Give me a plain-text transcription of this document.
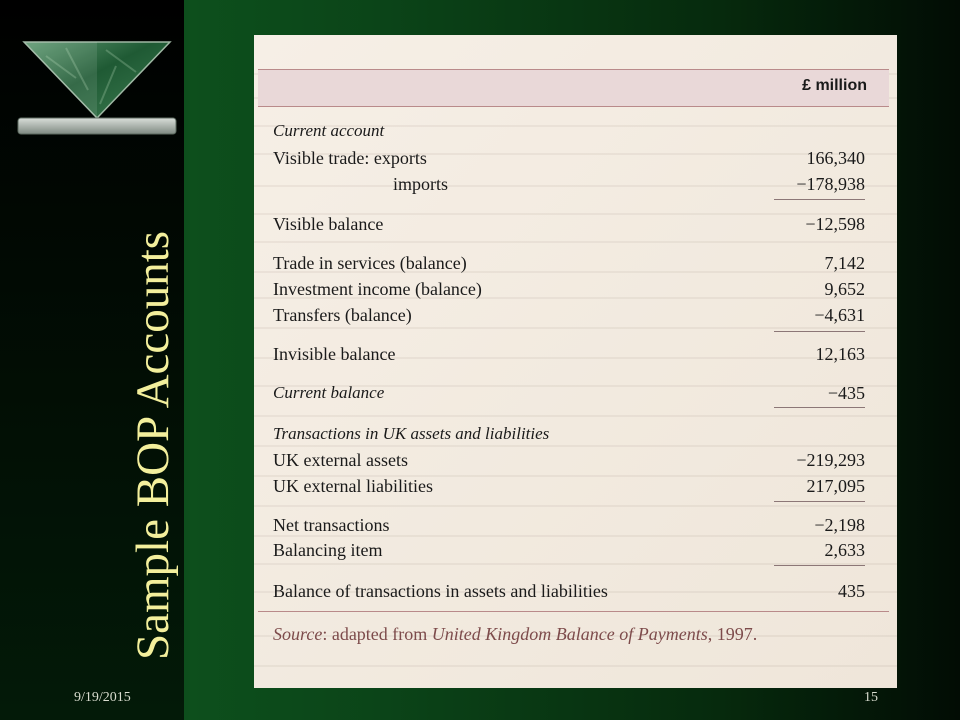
Sample BOP Accounts
£ million
Current account
Visible trade: exports	166,340
imports	−178,938
Visible balance	−12,598
Trade in services (balance)	7,142
Investment income (balance)	9,652
Transfers (balance)	−4,631
Invisible balance	12,163
Current balance	−435
Transactions in UK assets and liabilities
UK external assets	−219,293
UK external liabilities	217,095
Net transactions	−2,198
Balancing item	2,633
Balance of transactions in assets and liabilities	435
Source: adapted from United Kingdom Balance of Payments, 1997.
9/19/2015	15
